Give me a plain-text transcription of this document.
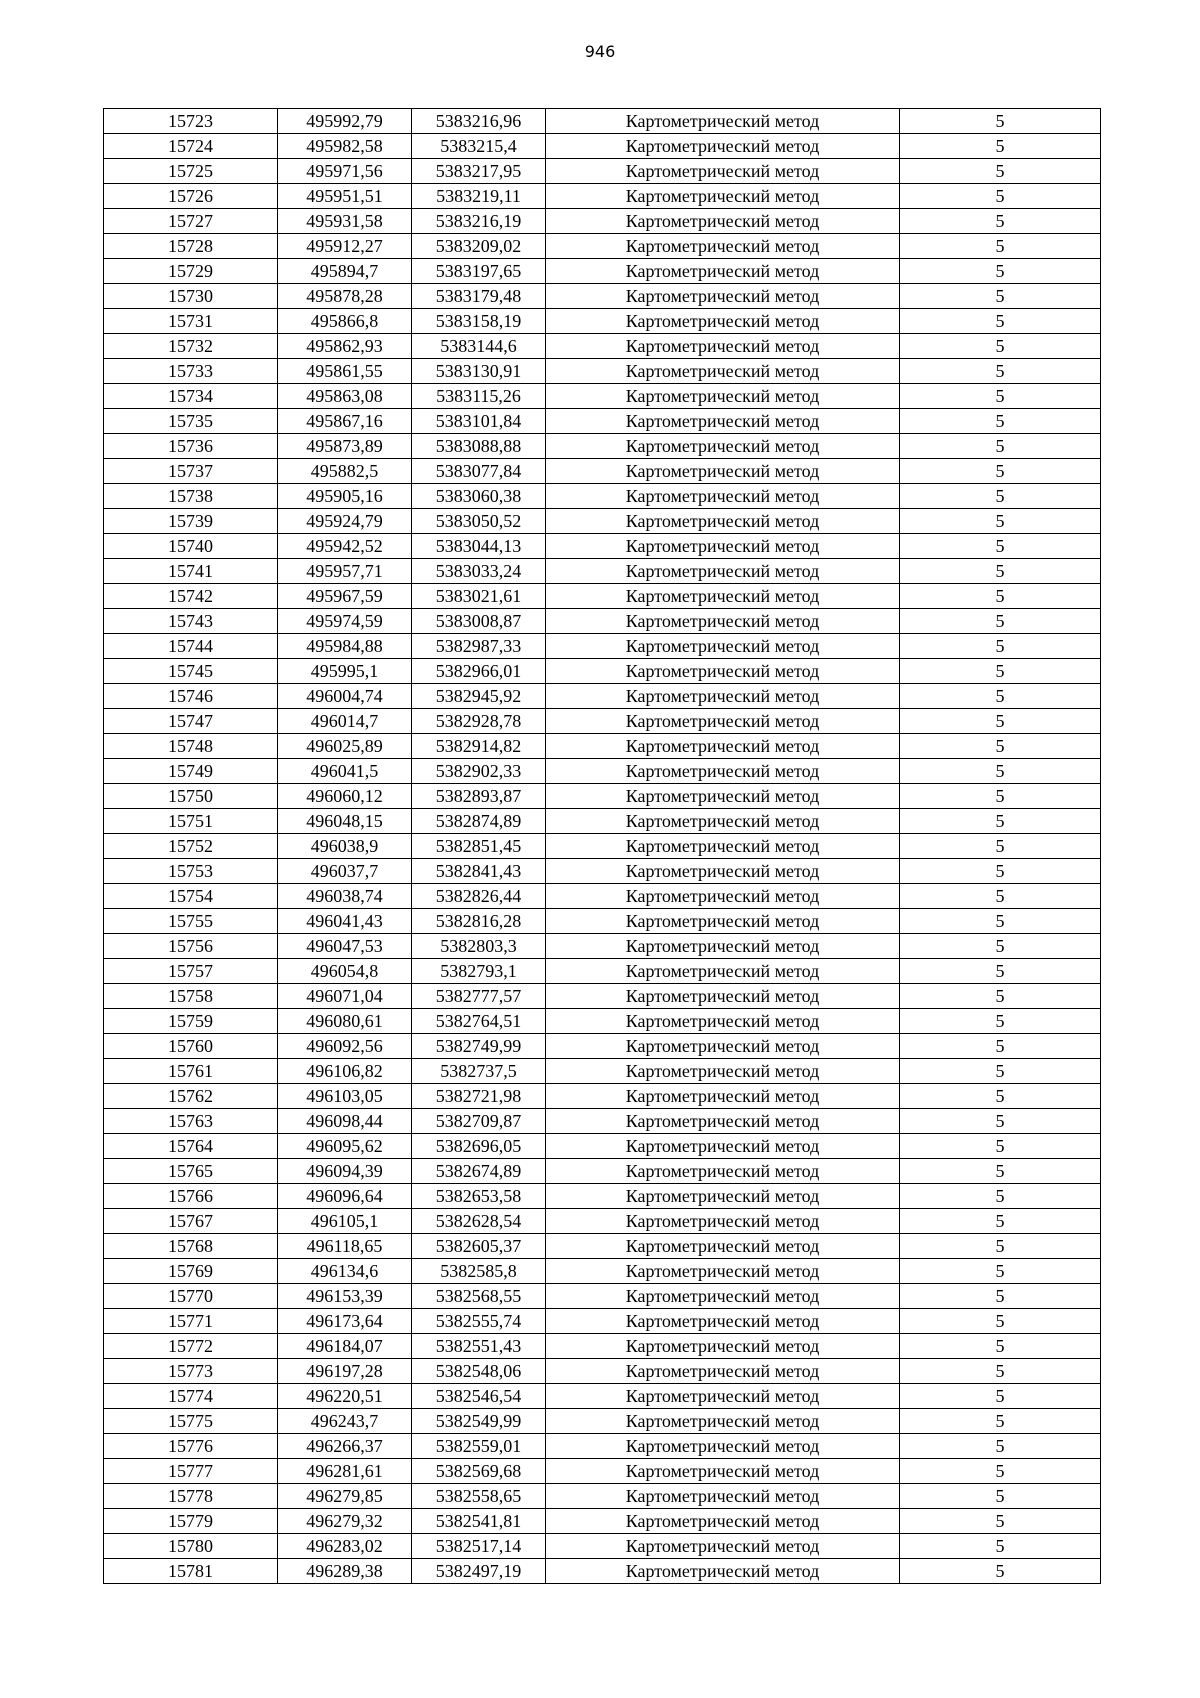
946
15723	495992,79	5383216,96	Картометрический метод	5
15724	495982,58	5383215,4	Картометрический метод	5
15725	495971,56	5383217,95	Картометрический метод	5
15726	495951,51	5383219,11	Картометрический метод	5
15727	495931,58	5383216,19	Картометрический метод	5
15728	495912,27	5383209,02	Картометрический метод	5
15729	495894,7	5383197,65	Картометрический метод	5
15730	495878,28	5383179,48	Картометрический метод	5
15731	495866,8	5383158,19	Картометрический метод	5
15732	495862,93	5383144,6	Картометрический метод	5
15733	495861,55	5383130,91	Картометрический метод	5
15734	495863,08	5383115,26	Картометрический метод	5
15735	495867,16	5383101,84	Картометрический метод	5
15736	495873,89	5383088,88	Картометрический метод	5
15737	495882,5	5383077,84	Картометрический метод	5
15738	495905,16	5383060,38	Картометрический метод	5
15739	495924,79	5383050,52	Картометрический метод	5
15740	495942,52	5383044,13	Картометрический метод	5
15741	495957,71	5383033,24	Картометрический метод	5
15742	495967,59	5383021,61	Картометрический метод	5
15743	495974,59	5383008,87	Картометрический метод	5
15744	495984,88	5382987,33	Картометрический метод	5
15745	495995,1	5382966,01	Картометрический метод	5
15746	496004,74	5382945,92	Картометрический метод	5
15747	496014,7	5382928,78	Картометрический метод	5
15748	496025,89	5382914,82	Картометрический метод	5
15749	496041,5	5382902,33	Картометрический метод	5
15750	496060,12	5382893,87	Картометрический метод	5
15751	496048,15	5382874,89	Картометрический метод	5
15752	496038,9	5382851,45	Картометрический метод	5
15753	496037,7	5382841,43	Картометрический метод	5
15754	496038,74	5382826,44	Картометрический метод	5
15755	496041,43	5382816,28	Картометрический метод	5
15756	496047,53	5382803,3	Картометрический метод	5
15757	496054,8	5382793,1	Картометрический метод	5
15758	496071,04	5382777,57	Картометрический метод	5
15759	496080,61	5382764,51	Картометрический метод	5
15760	496092,56	5382749,99	Картометрический метод	5
15761	496106,82	5382737,5	Картометрический метод	5
15762	496103,05	5382721,98	Картометрический метод	5
15763	496098,44	5382709,87	Картометрический метод	5
15764	496095,62	5382696,05	Картометрический метод	5
15765	496094,39	5382674,89	Картометрический метод	5
15766	496096,64	5382653,58	Картометрический метод	5
15767	496105,1	5382628,54	Картометрический метод	5
15768	496118,65	5382605,37	Картометрический метод	5
15769	496134,6	5382585,8	Картометрический метод	5
15770	496153,39	5382568,55	Картометрический метод	5
15771	496173,64	5382555,74	Картометрический метод	5
15772	496184,07	5382551,43	Картометрический метод	5
15773	496197,28	5382548,06	Картометрический метод	5
15774	496220,51	5382546,54	Картометрический метод	5
15775	496243,7	5382549,99	Картометрический метод	5
15776	496266,37	5382559,01	Картометрический метод	5
15777	496281,61	5382569,68	Картометрический метод	5
15778	496279,85	5382558,65	Картометрический метод	5
15779	496279,32	5382541,81	Картометрический метод	5
15780	496283,02	5382517,14	Картометрический метод	5
15781	496289,38	5382497,19	Картометрический метод	5
